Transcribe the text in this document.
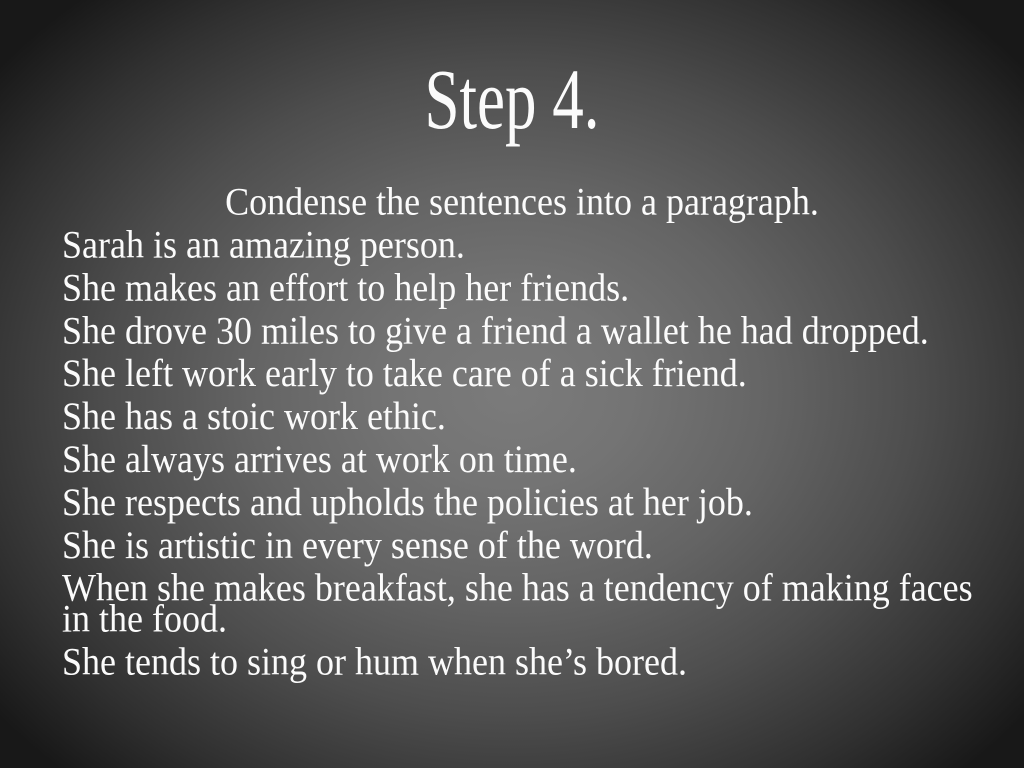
Step 4.

Condense the sentences into a paragraph.

Sarah is an amazing person.

She makes an effort to help her friends.

She drove 30 miles to give a friend a wallet he had dropped.

She left work early to take care of a sick friend.

She has a stoic work ethic.

She always arrives at work on time.

She respects and upholds the policies at her job.

She is artistic in every sense of the word.

When she makes breakfast, she has a tendency of making faces in the food.

She tends to sing or hum when she’s bored.
